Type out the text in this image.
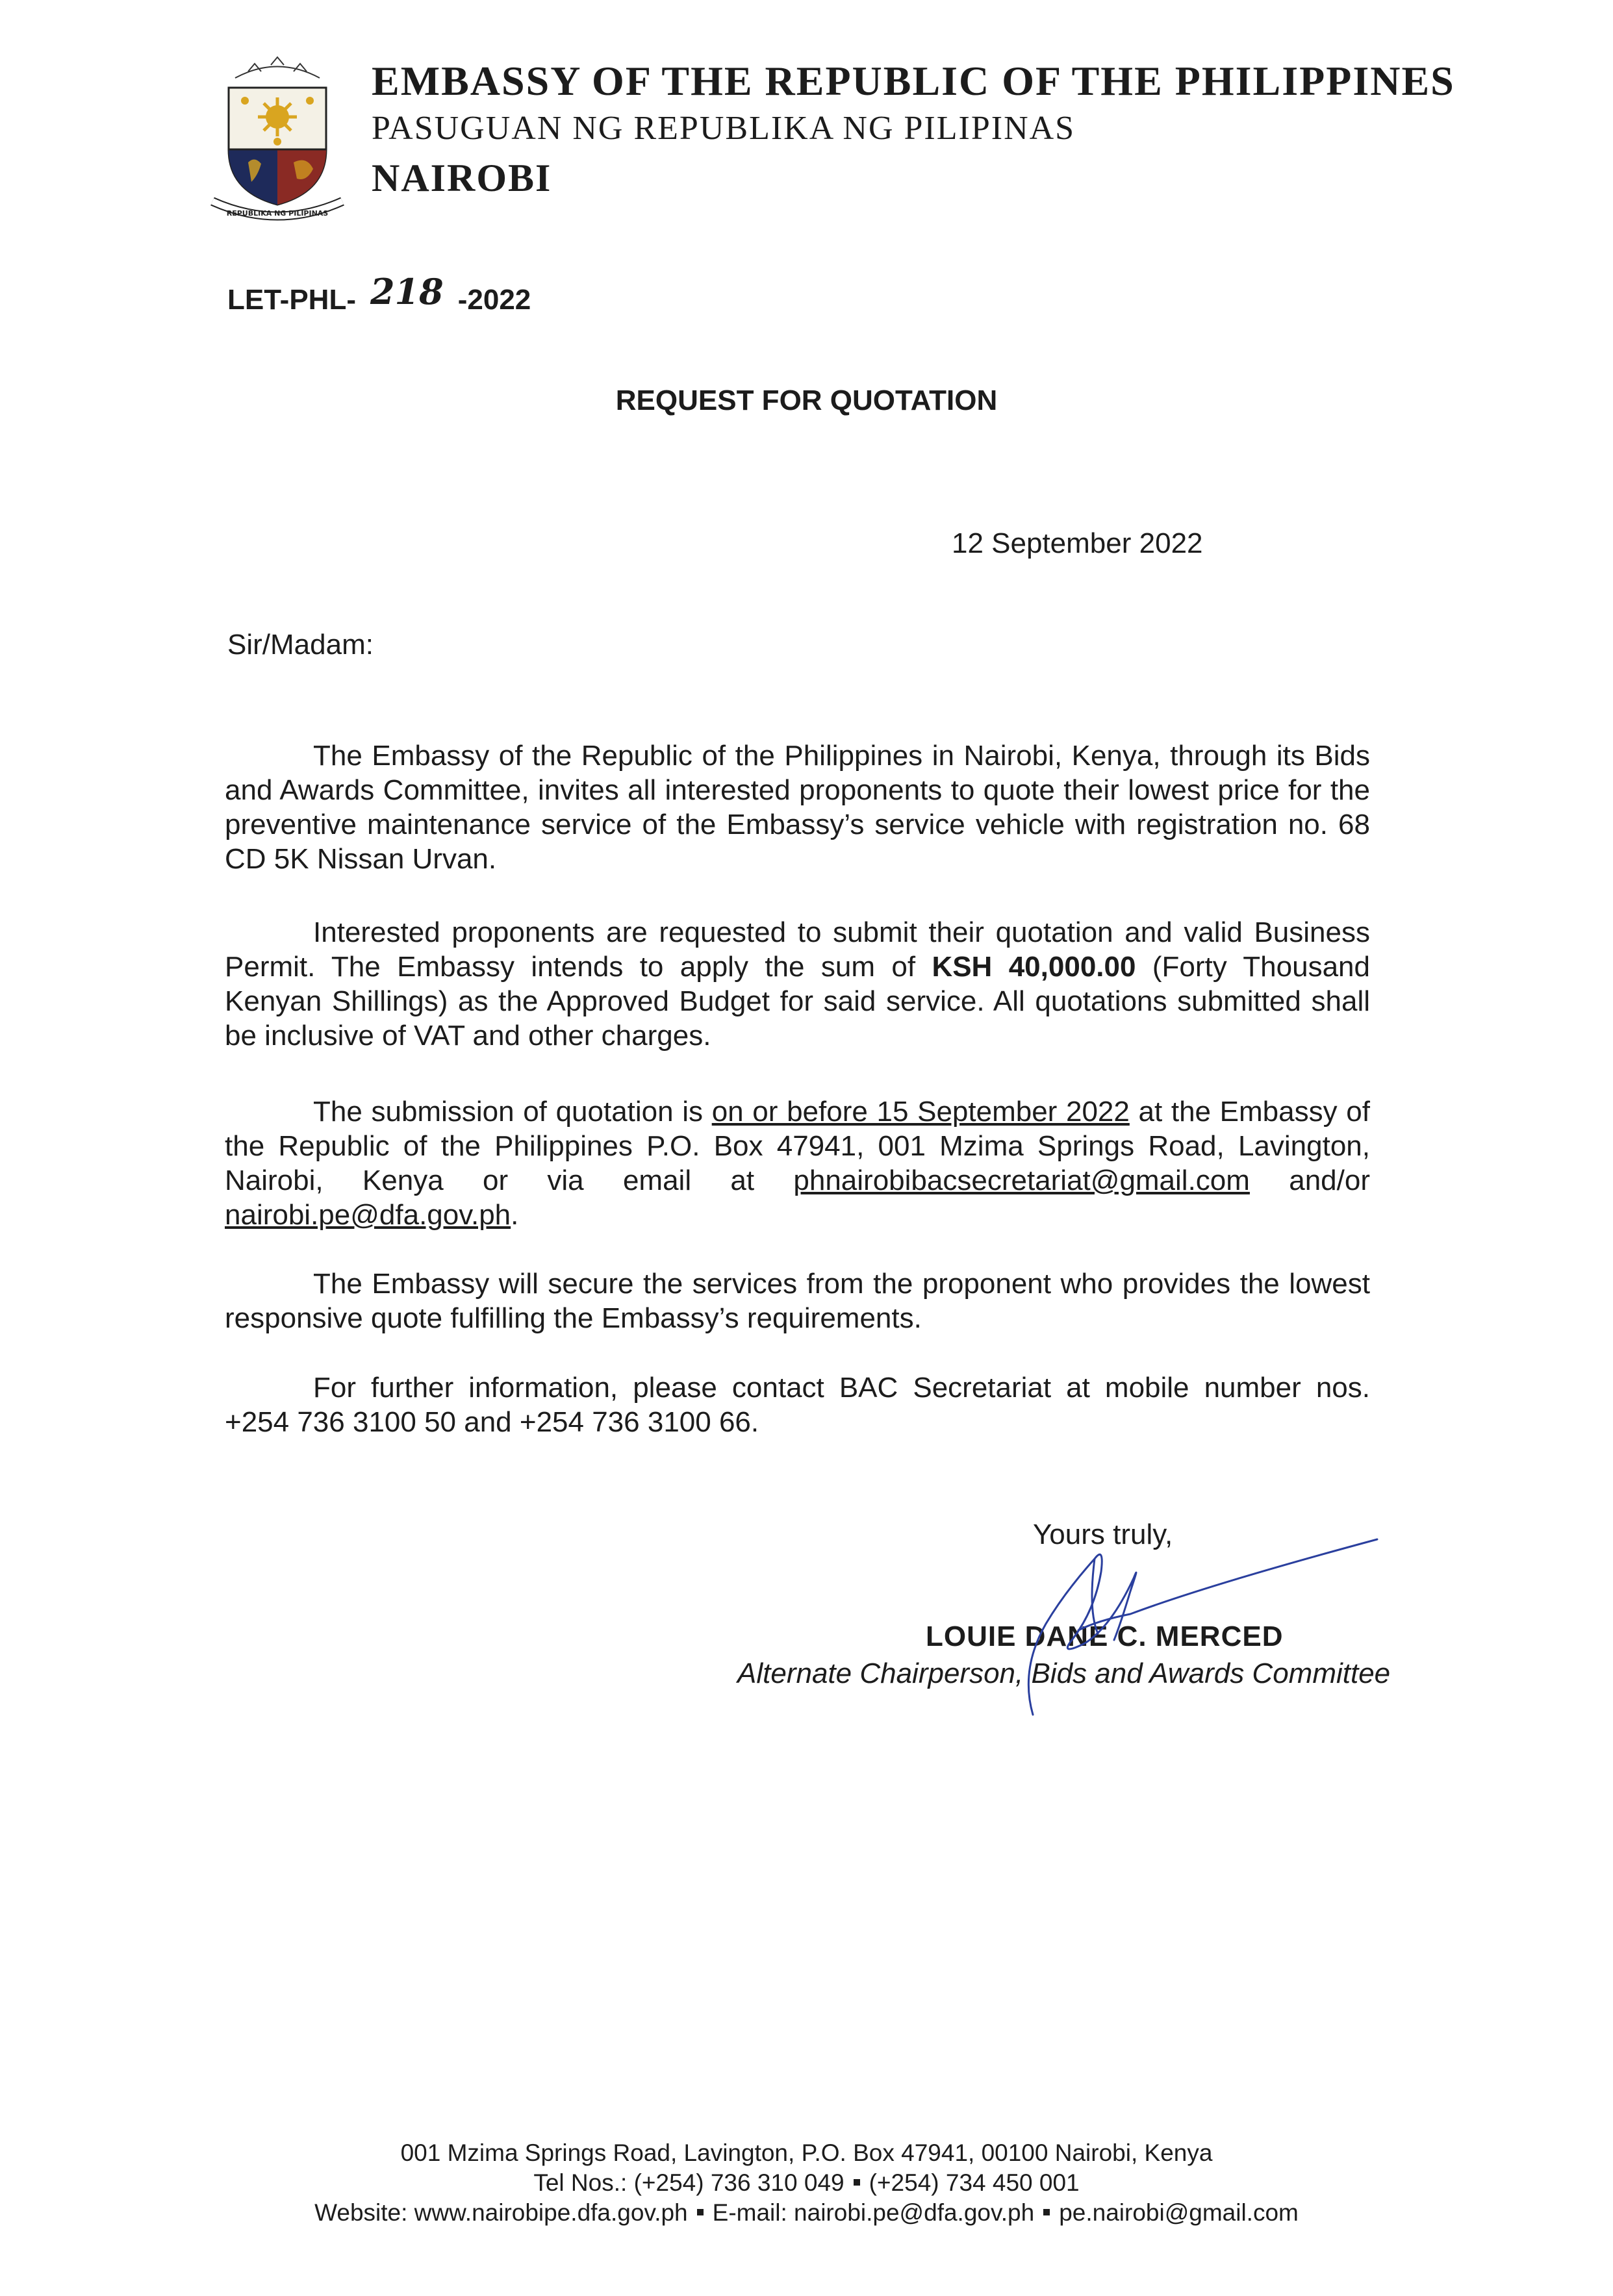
REPUBLIKA NG PILIPINAS
EMBASSY OF THE REPUBLIC OF THE PHILIPPINES
PASUGUAN NG REPUBLIKA NG PILIPINAS
NAIROBI
LET-PHL- 218 -2022
REQUEST FOR QUOTATION
12 September 2022
Sir/Madam:
The Embassy of the Republic of the Philippines in Nairobi, Kenya, through its Bids and Awards Committee, invites all interested proponents to quote their lowest price for the preventive maintenance service of the Embassy’s service vehicle with registration no. 68 CD 5K Nissan Urvan.
Interested proponents are requested to submit their quotation and valid Business Permit. The Embassy intends to apply the sum of KSH 40,000.00 (Forty Thousand Kenyan Shillings) as the Approved Budget for said service. All quotations submitted shall be inclusive of VAT and other charges.
The submission of quotation is on or before 15 September 2022 at the Embassy of the Republic of the Philippines P.O. Box 47941, 001 Mzima Springs Road, Lavington, Nairobi, Kenya or via email at phnairobibacsecretariat@gmail.com and/or nairobi.pe@dfa.gov.ph.
The Embassy will secure the services from the proponent who provides the lowest responsive quote fulfilling the Embassy’s requirements.
For further information, please contact BAC Secretariat at mobile number nos. +254 736 3100 50 and +254 736 3100 66.
Yours truly,
LOUIE DANE C. MERCED
Alternate Chairperson, Bids and Awards Committee
001 Mzima Springs Road, Lavington, P.O. Box 47941, 00100 Nairobi, Kenya
Tel Nos.: (+254) 736 310 049 (+254) 734 450 001
Website: www.nairobipe.dfa.gov.ph E-mail: nairobi.pe@dfa.gov.ph pe.nairobi@gmail.com
